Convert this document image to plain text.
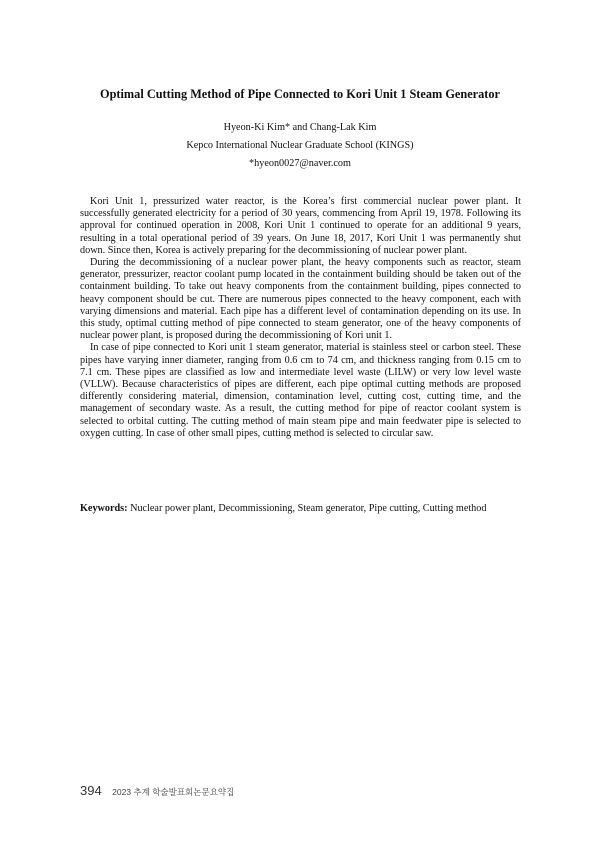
Optimal Cutting Method of Pipe Connected to Kori Unit 1 Steam Generator
Hyeon-Ki Kim* and Chang-Lak Kim
Kepco International Nuclear Graduate School (KINGS)
*hyeon0027@naver.com

Kori Unit 1, pressurized water reactor, is the Korea’s first commercial nuclear power plant. It successfully generated electricity for a period of 30 years, commencing from April 19, 1978. Following its approval for continued operation in 2008, Kori Unit 1 continued to operate for an additional 9 years, resulting in a total operational period of 39 years. On June 18, 2017, Kori Unit 1 was permanently shut down. Since then, Korea is actively preparing for the decommissioning of nuclear power plant.

During the decommissioning of a nuclear power plant, the heavy components such as reactor, steam generator, pressurizer, reactor coolant pump located in the containment building should be taken out of the containment building. To take out heavy components from the containment building, pipes connected to heavy component should be cut. There are numerous pipes connected to the heavy component, each with varying dimensions and material. Each pipe has a different level of contamination depending on its use. In this study, optimal cutting method of pipe connected to steam generator, one of the heavy components of nuclear power plant, is proposed during the decommissioning of Kori unit 1.

In case of pipe connected to Kori unit 1 steam generator, material is stainless steel or carbon steel. These pipes have varying inner diameter, ranging from 0.6 cm to 74 cm, and thickness ranging from 0.15 cm to 7.1 cm. These pipes are classified as low and intermediate level waste (LILW) or very low level waste (VLLW). Because characteristics of pipes are different, each pipe optimal cutting methods are proposed differently considering material, dimension, contamination level, cutting cost, cutting time, and the management of secondary waste. As a result, the cutting method for pipe of reactor coolant system is selected to orbital cutting. The cutting method of main steam pipe and main feedwater pipe is selected to oxygen cutting. In case of other small pipes, cutting method is selected to circular saw.

Keywords: Nuclear power plant, Decommissioning, Steam generator, Pipe cutting, Cutting method
394 2023 추계 학술발표회논문요약집
